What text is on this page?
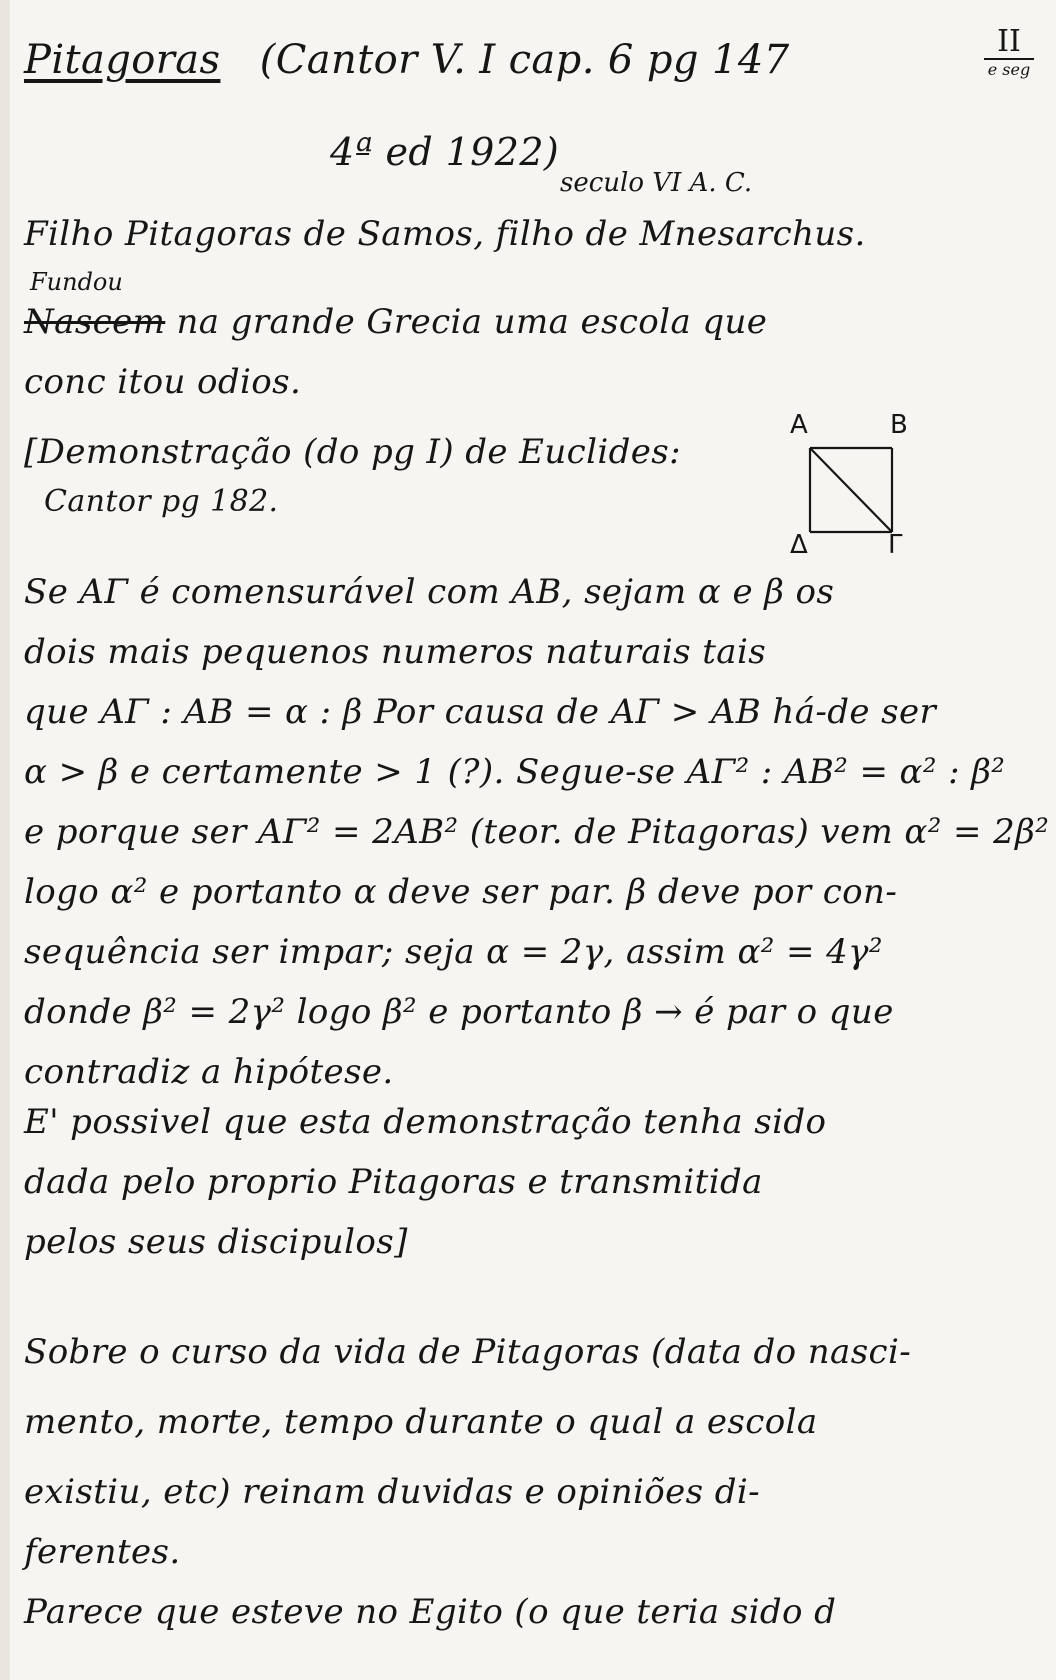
Pitagoras (Cantor V. I cap. 6 pg 147	II
e seg
4ª ed 1922)
seculo VI A. C.
Filho Pitagoras de Samos, filho de Mnesarchus.
Fundou
Nascem na grande Grecia uma escola que
conc itou odios.
[Demonstração (do pg I) de Euclides:
Cantor pg 182.
A	B
Δ	Γ
Se AΓ é comensurável com AB, sejam α e β os
dois mais pequenos numeros naturais tais
que AΓ : AB = α : β Por causa de AΓ > AB há-de ser
α > β e certamente > 1 (?). Segue-se AΓ² : AB² = α² : β²
e porque ser AΓ² = 2AB² (teor. de Pitagoras) vem α² = 2β²
logo α² e portanto α deve ser par. β deve por con-
sequência ser impar; seja α = 2γ, assim α² = 4γ²
donde β² = 2γ² logo β² e portanto β → é par o que
contradiz a hipótese.
E' possivel que esta demonstração tenha sido
dada pelo proprio Pitagoras e transmitida
pelos seus discipulos]
Sobre o curso da vida de Pitagoras (data do nasci-
mento, morte, tempo durante o qual a escola
existiu, etc) reinam duvidas e opiniões di-
ferentes.
Parece que esteve no Egito (o que teria sido d
